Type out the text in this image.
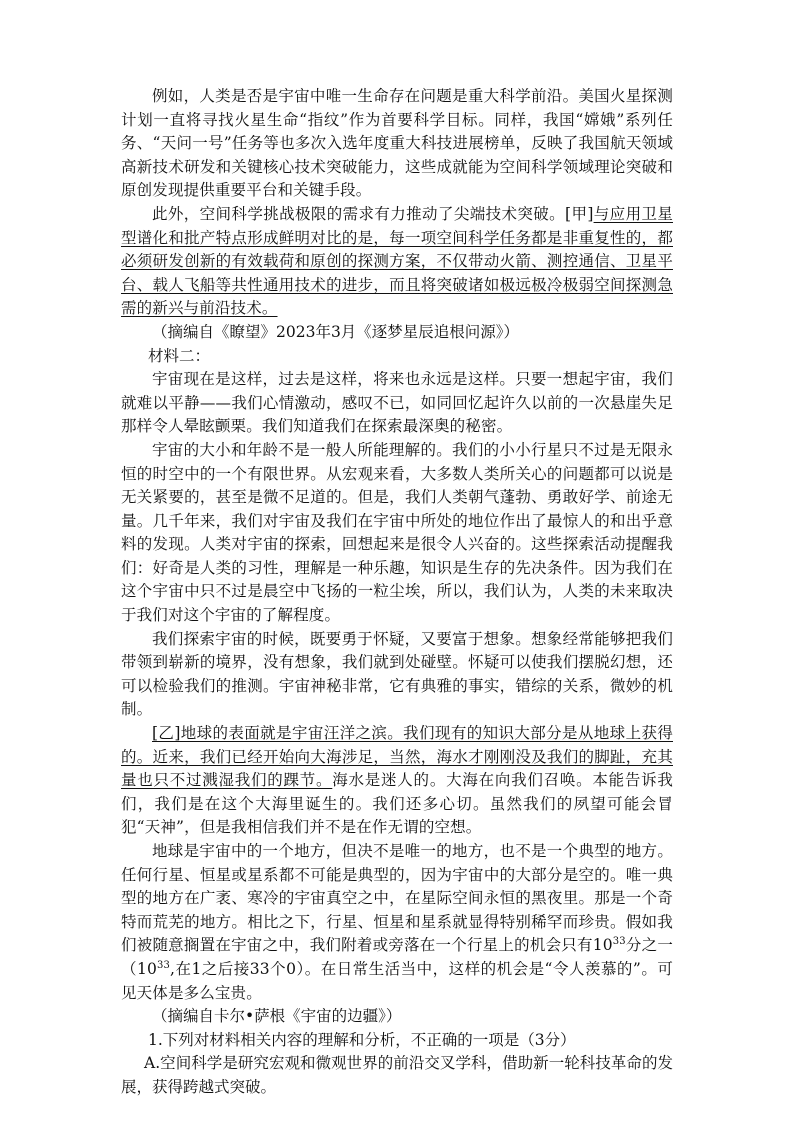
例如，人类是否是宇宙中唯一生命存在问题是重大科学前沿。美国火星探测计划一直将寻找火星生命“指纹”作为首要科学目标。同样，我国“嫦娥”系列任务、“天问一号”任务等也多次入选年度重大科技进展榜单，反映了我国航天领域高新技术研发和关键核心技术突破能力，这些成就能为空间科学领域理论突破和原创发现提供重要平台和关键手段。

此外，空间科学挑战极限的需求有力推动了尖端技术突破。[甲]与应用卫星型谱化和批产特点形成鲜明对比的是，每一项空间科学任务都是非重复性的，都必须研发创新的有效载荷和原创的探测方案，不仅带动火箭、测控通信、卫星平台、载人飞船等共性通用技术的进步，而且将突破诸如极远极冷极弱空间探测急需的新兴与前沿技术。

（摘编自《瞭望》2023年3月《逐梦星辰追根问源》）

材料二：

宇宙现在是这样，过去是这样，将来也永远是这样。只要一想起宇宙，我们就难以平静——我们心情激动，感叹不已，如同回忆起许久以前的一次悬崖失足那样令人晕眩颤栗。我们知道我们在探索最深奥的秘密。

宇宙的大小和年龄不是一般人所能理解的。我们的小小行星只不过是无限永恒的时空中的一个有限世界。从宏观来看，大多数人类所关心的问题都可以说是无关紧要的，甚至是微不足道的。但是，我们人类朝气蓬勃、勇敢好学、前途无量。几千年来，我们对宇宙及我们在宇宙中所处的地位作出了最惊人的和出乎意料的发现。人类对宇宙的探索，回想起来是很令人兴奋的。这些探索活动提醒我们：好奇是人类的习性，理解是一种乐趣，知识是生存的先决条件。因为我们在这个宇宙中只不过是晨空中飞扬的一粒尘埃，所以，我们认为，人类的未来取决于我们对这个宇宙的了解程度。

我们探索宇宙的时候，既要勇于怀疑，又要富于想象。想象经常能够把我们带领到崭新的境界，没有想象，我们就到处碰壁。怀疑可以使我们摆脱幻想，还可以检验我们的推测。宇宙神秘非常，它有典雅的事实，错综的关系，微妙的机制。

[乙]地球的表面就是宇宙汪洋之滨。我们现有的知识大部分是从地球上获得的。近来，我们已经开始向大海涉足，当然，海水才刚刚没及我们的脚趾，充其量也只不过溅湿我们的踝节。海水是迷人的。大海在向我们召唤。本能告诉我们，我们是在这个大海里诞生的。我们还多心切。虽然我们的夙望可能会冒犯“天神”，但是我相信我们并不是在作无谓的空想。

地球是宇宙中的一个地方，但决不是唯一的地方，也不是一个典型的地方。任何行星、恒星或星系都不可能是典型的，因为宇宙中的大部分是空的。唯一典型的地方在广袤、寒冷的宇宙真空之中，在星际空间永恒的黑夜里。那是一个奇特而荒芜的地方。相比之下，行星、恒星和星系就显得特别稀罕而珍贵。假如我们被随意搁置在宇宙之中，我们附着或旁落在一个行星上的机会只有$10^{33}$分之一（$10^{33}$,在1之后接33个0）。在日常生活当中，这样的机会是“令人羡慕的”。可见天体是多么宝贵。

（摘编自卡尔•萨根《宇宙的边疆》）

1.下列对材料相关内容的理解和分析，不正确的一项是（3分）

A.空间科学是研究宏观和微观世界的前沿交叉学科，借助新一轮科技革命的发展，获得跨越式突破。
